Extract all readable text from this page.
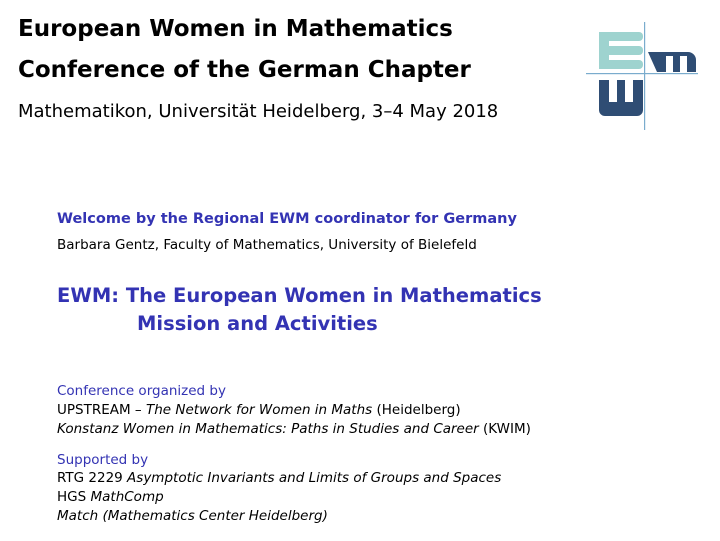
European Women in Mathematics
Conference of the German Chapter
Mathematikon, Universität Heidelberg, 3–4 May 2018
Welcome by the Regional EWM coordinator for Germany
Barbara Gentz, Faculty of Mathematics, University of Bielefeld
EWM: The European Women in Mathematics
Mission and Activities
Conference organized by
UPSTREAM – The Network for Women in Maths (Heidelberg)
Konstanz Women in Mathematics: Paths in Studies and Career (KWIM)
Supported by
RTG 2229 Asymptotic Invariants and Limits of Groups and Spaces
HGS MathComp
Match (Mathematics Center Heidelberg)
